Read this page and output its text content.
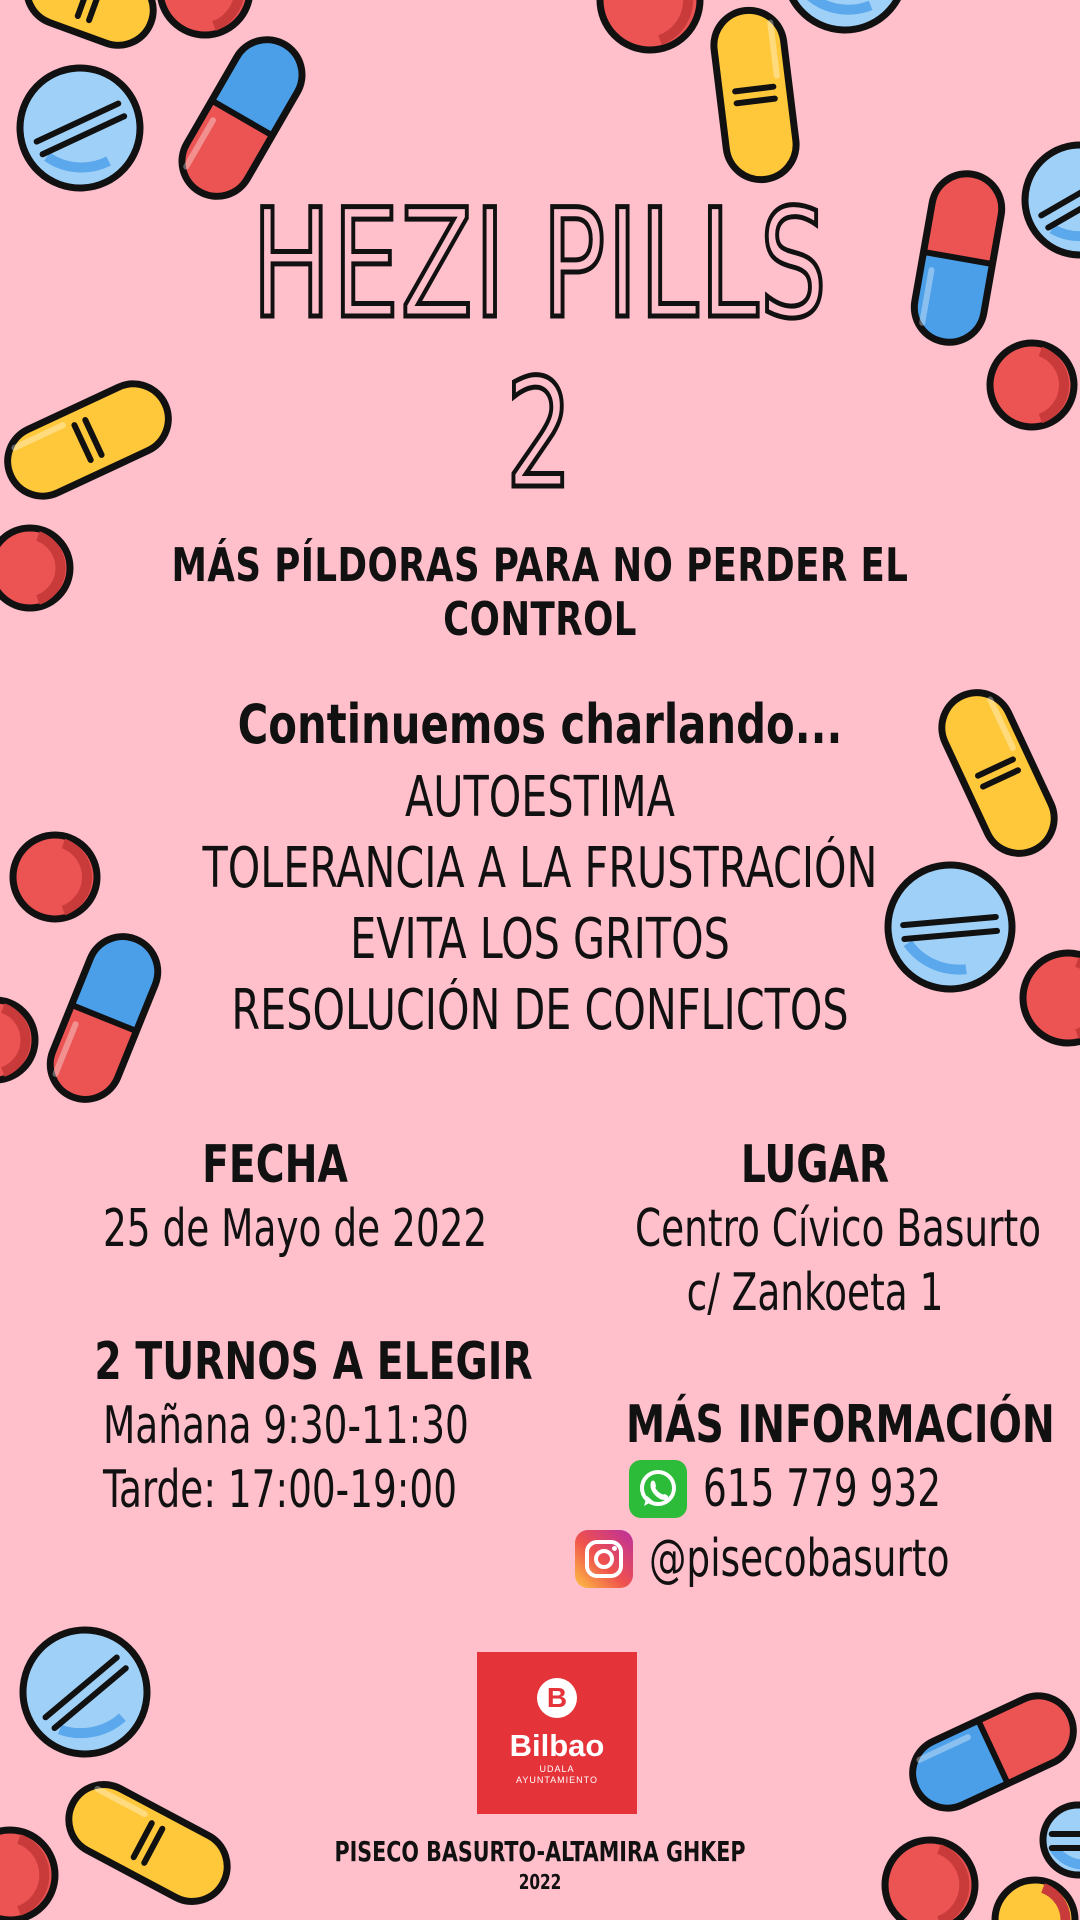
HEZI PILLS
2
MÁS PÍLDORAS PARA NO PERDER EL CONTROL
Continuemos charlando...
AUTOESTIMA
TOLERANCIA A LA FRUSTRACIÓN
EVITA LOS GRITOS
RESOLUCIÓN DE CONFLICTOS
FECHA
25 de Mayo de 2022
LUGAR
Centro Cívico Basurto
c/ Zankoeta 1
2 TURNOS A ELEGIR
Mañana 9:30-11:30
Tarde: 17:00-19:00
MÁS INFORMACIÓN
615 779 932
@pisecobasurto
B
Bilbao
UDALA
AYUNTAMIENTO
PISECO BASURTO-ALTAMIRA GHKEP
2022
